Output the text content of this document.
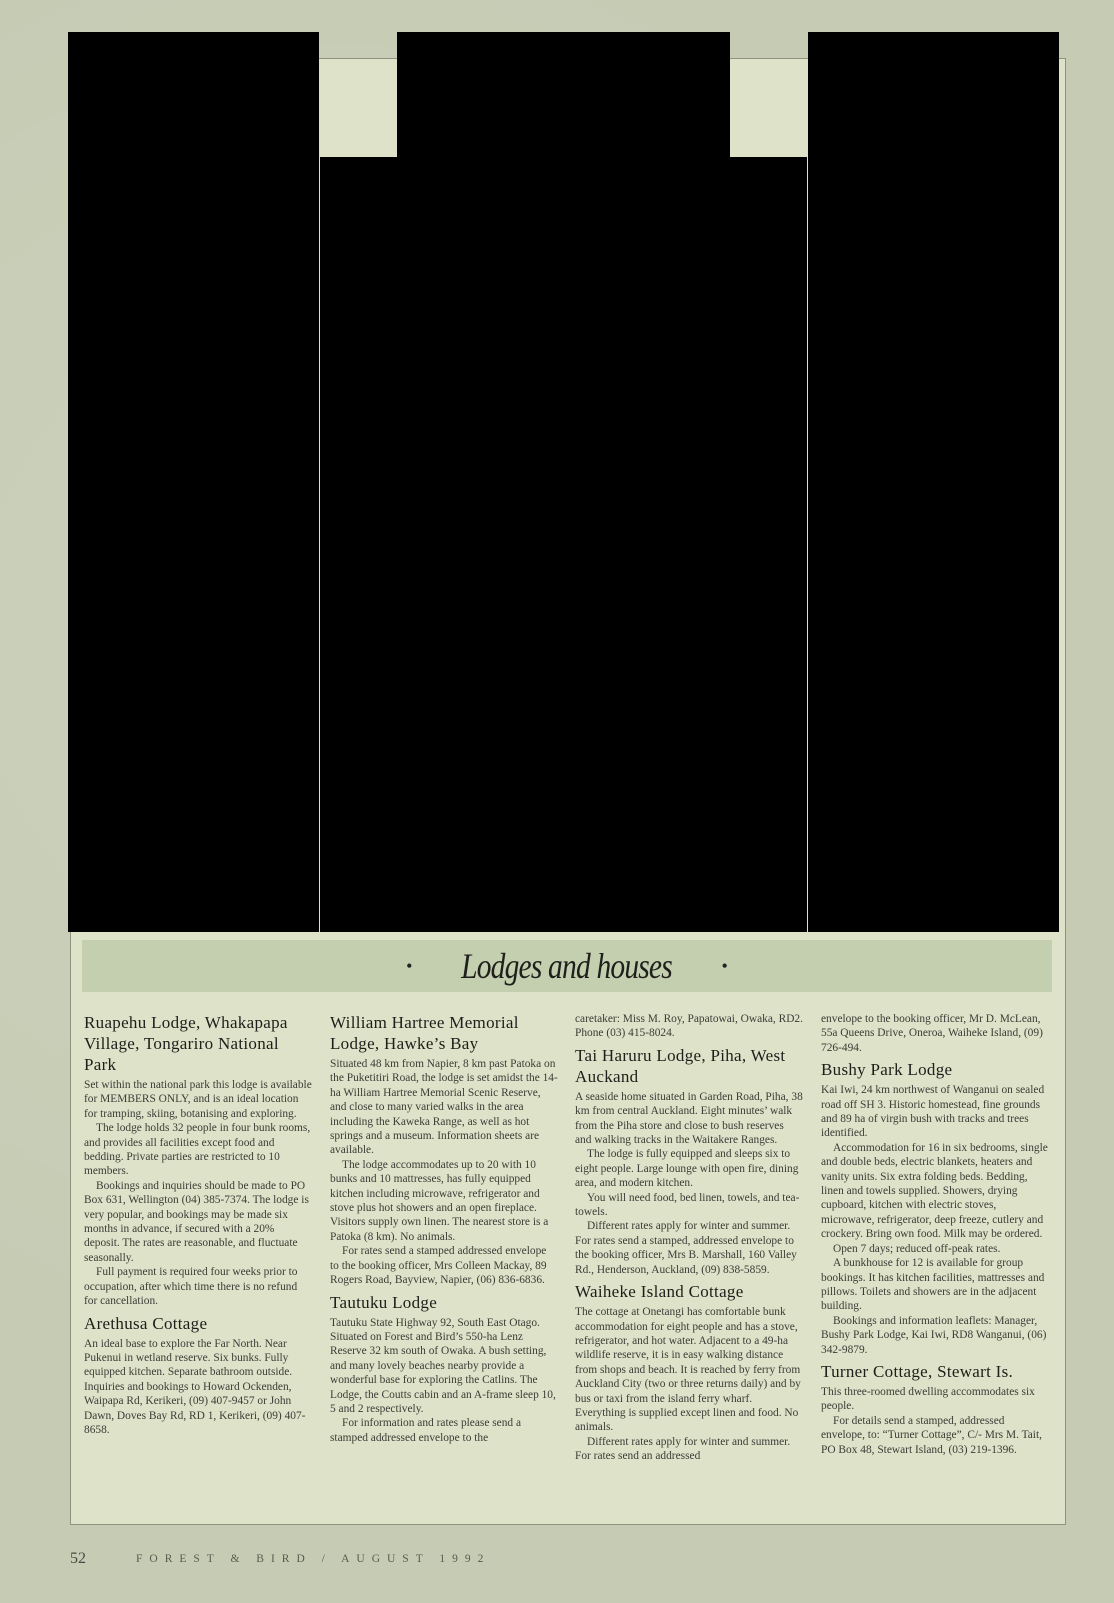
• Lodges and houses	•
Ruapehu Lodge, Whakapapa Village, Tongariro National Park

Set within the national park this lodge is available for MEMBERS ONLY, and is an ideal location for tramping, skiing, botanising and exploring.

The lodge holds 32 people in four bunk rooms, and provides all facilities except food and bedding. Private parties are restricted to 10 members.

Bookings and inquiries should be made to PO Box 631, Wellington (04) 385-7374. The lodge is very popular, and bookings may be made six months in advance, if secured with a 20% deposit. The rates are reasonable, and fluctuate seasonally.

Full payment is required four weeks prior to occupation, after which time there is no refund for cancellation.

Arethusa Cottage

An ideal base to explore the Far North. Near Pukenui in wetland reserve. Six bunks. Fully equipped kitchen. Separate bathroom outside. Inquiries and bookings to Howard Ockenden, Waipapa Rd, Kerikeri, (09) 407-9457 or John Dawn, Doves Bay Rd, RD 1, Kerikeri, (09) 407-8658.

William Hartree Memorial Lodge, Hawke’s Bay

Situated 48 km from Napier, 8 km past Patoka on the Puketitiri Road, the lodge is set amidst the 14-ha William Hartree Memorial Scenic Reserve, and close to many varied walks in the area including the Kaweka Range, as well as hot springs and a museum. Information sheets are available.

The lodge accommodates up to 20 with 10 bunks and 10 mattresses, has fully equipped kitchen including microwave, refrigerator and stove plus hot showers and an open fireplace. Visitors supply own linen. The nearest store is a Patoka (8 km). No animals.

For rates send a stamped addressed envelope to the booking officer, Mrs Colleen Mackay, 89 Rogers Road, Bayview, Napier, (06) 836-6836.

Tautuku Lodge

Tautuku State Highway 92, South East Otago. Situated on Forest and Bird’s 550-ha Lenz Reserve 32 km south of Owaka. A bush setting, and many lovely beaches nearby provide a wonderful base for exploring the Catlins. The Lodge, the Coutts cabin and an A-frame sleep 10, 5 and 2 respectively.

For information and rates please send a stamped addressed envelope to the

caretaker: Miss M. Roy, Papatowai, Owaka, RD2. Phone (03) 415-8024.

Tai Haruru Lodge, Piha, West Auckand

A seaside home situated in Garden Road, Piha, 38 km from central Auckland. Eight minutes’ walk from the Piha store and close to bush reserves and walking tracks in the Waitakere Ranges.

The lodge is fully equipped and sleeps six to eight people. Large lounge with open fire, dining area, and modern kitchen.

You will need food, bed linen, towels, and tea-towels.

Different rates apply for winter and summer. For rates send a stamped, addressed envelope to the booking officer, Mrs B. Marshall, 160 Valley Rd., Henderson, Auckland, (09) 838-5859.

Waiheke Island Cottage

The cottage at Onetangi has comfortable bunk accommodation for eight people and has a stove, refrigerator, and hot water. Adjacent to a 49-ha wildlife reserve, it is in easy walking distance from shops and beach. It is reached by ferry from Auckland City (two or three returns daily) and by bus or taxi from the island ferry wharf. Everything is supplied except linen and food. No animals.

Different rates apply for winter and summer. For rates send an addressed

envelope to the booking officer, Mr D. McLean, 55a Queens Drive, Oneroa, Waiheke Island, (09) 726-494.

Bushy Park Lodge

Kai Iwi, 24 km northwest of Wanganui on sealed road off SH 3. Historic homestead, fine grounds and 89 ha of virgin bush with tracks and trees identified.

Accommodation for 16 in six bedrooms, single and double beds, electric blankets, heaters and vanity units. Six extra folding beds. Bedding, linen and towels supplied. Showers, drying cupboard, kitchen with electric stoves, microwave, refrigerator, deep freeze, cutlery and crockery. Bring own food. Milk may be ordered.

Open 7 days; reduced off-peak rates.

A bunkhouse for 12 is available for group bookings. It has kitchen facilities, mattresses and pillows. Toilets and showers are in the adjacent building.

Bookings and information leaflets: Manager, Bushy Park Lodge, Kai Iwi, RD8 Wanganui, (06) 342-9879.

Turner Cottage, Stewart Is.

This three-roomed dwelling accommodates six people.

For details send a stamped, addressed envelope, to: “Turner Cottage”, C/- Mrs M. Tait, PO Box 48, Stewart Island, (03) 219-1396.

52	FOREST & BIRD / AUGUST 1992
